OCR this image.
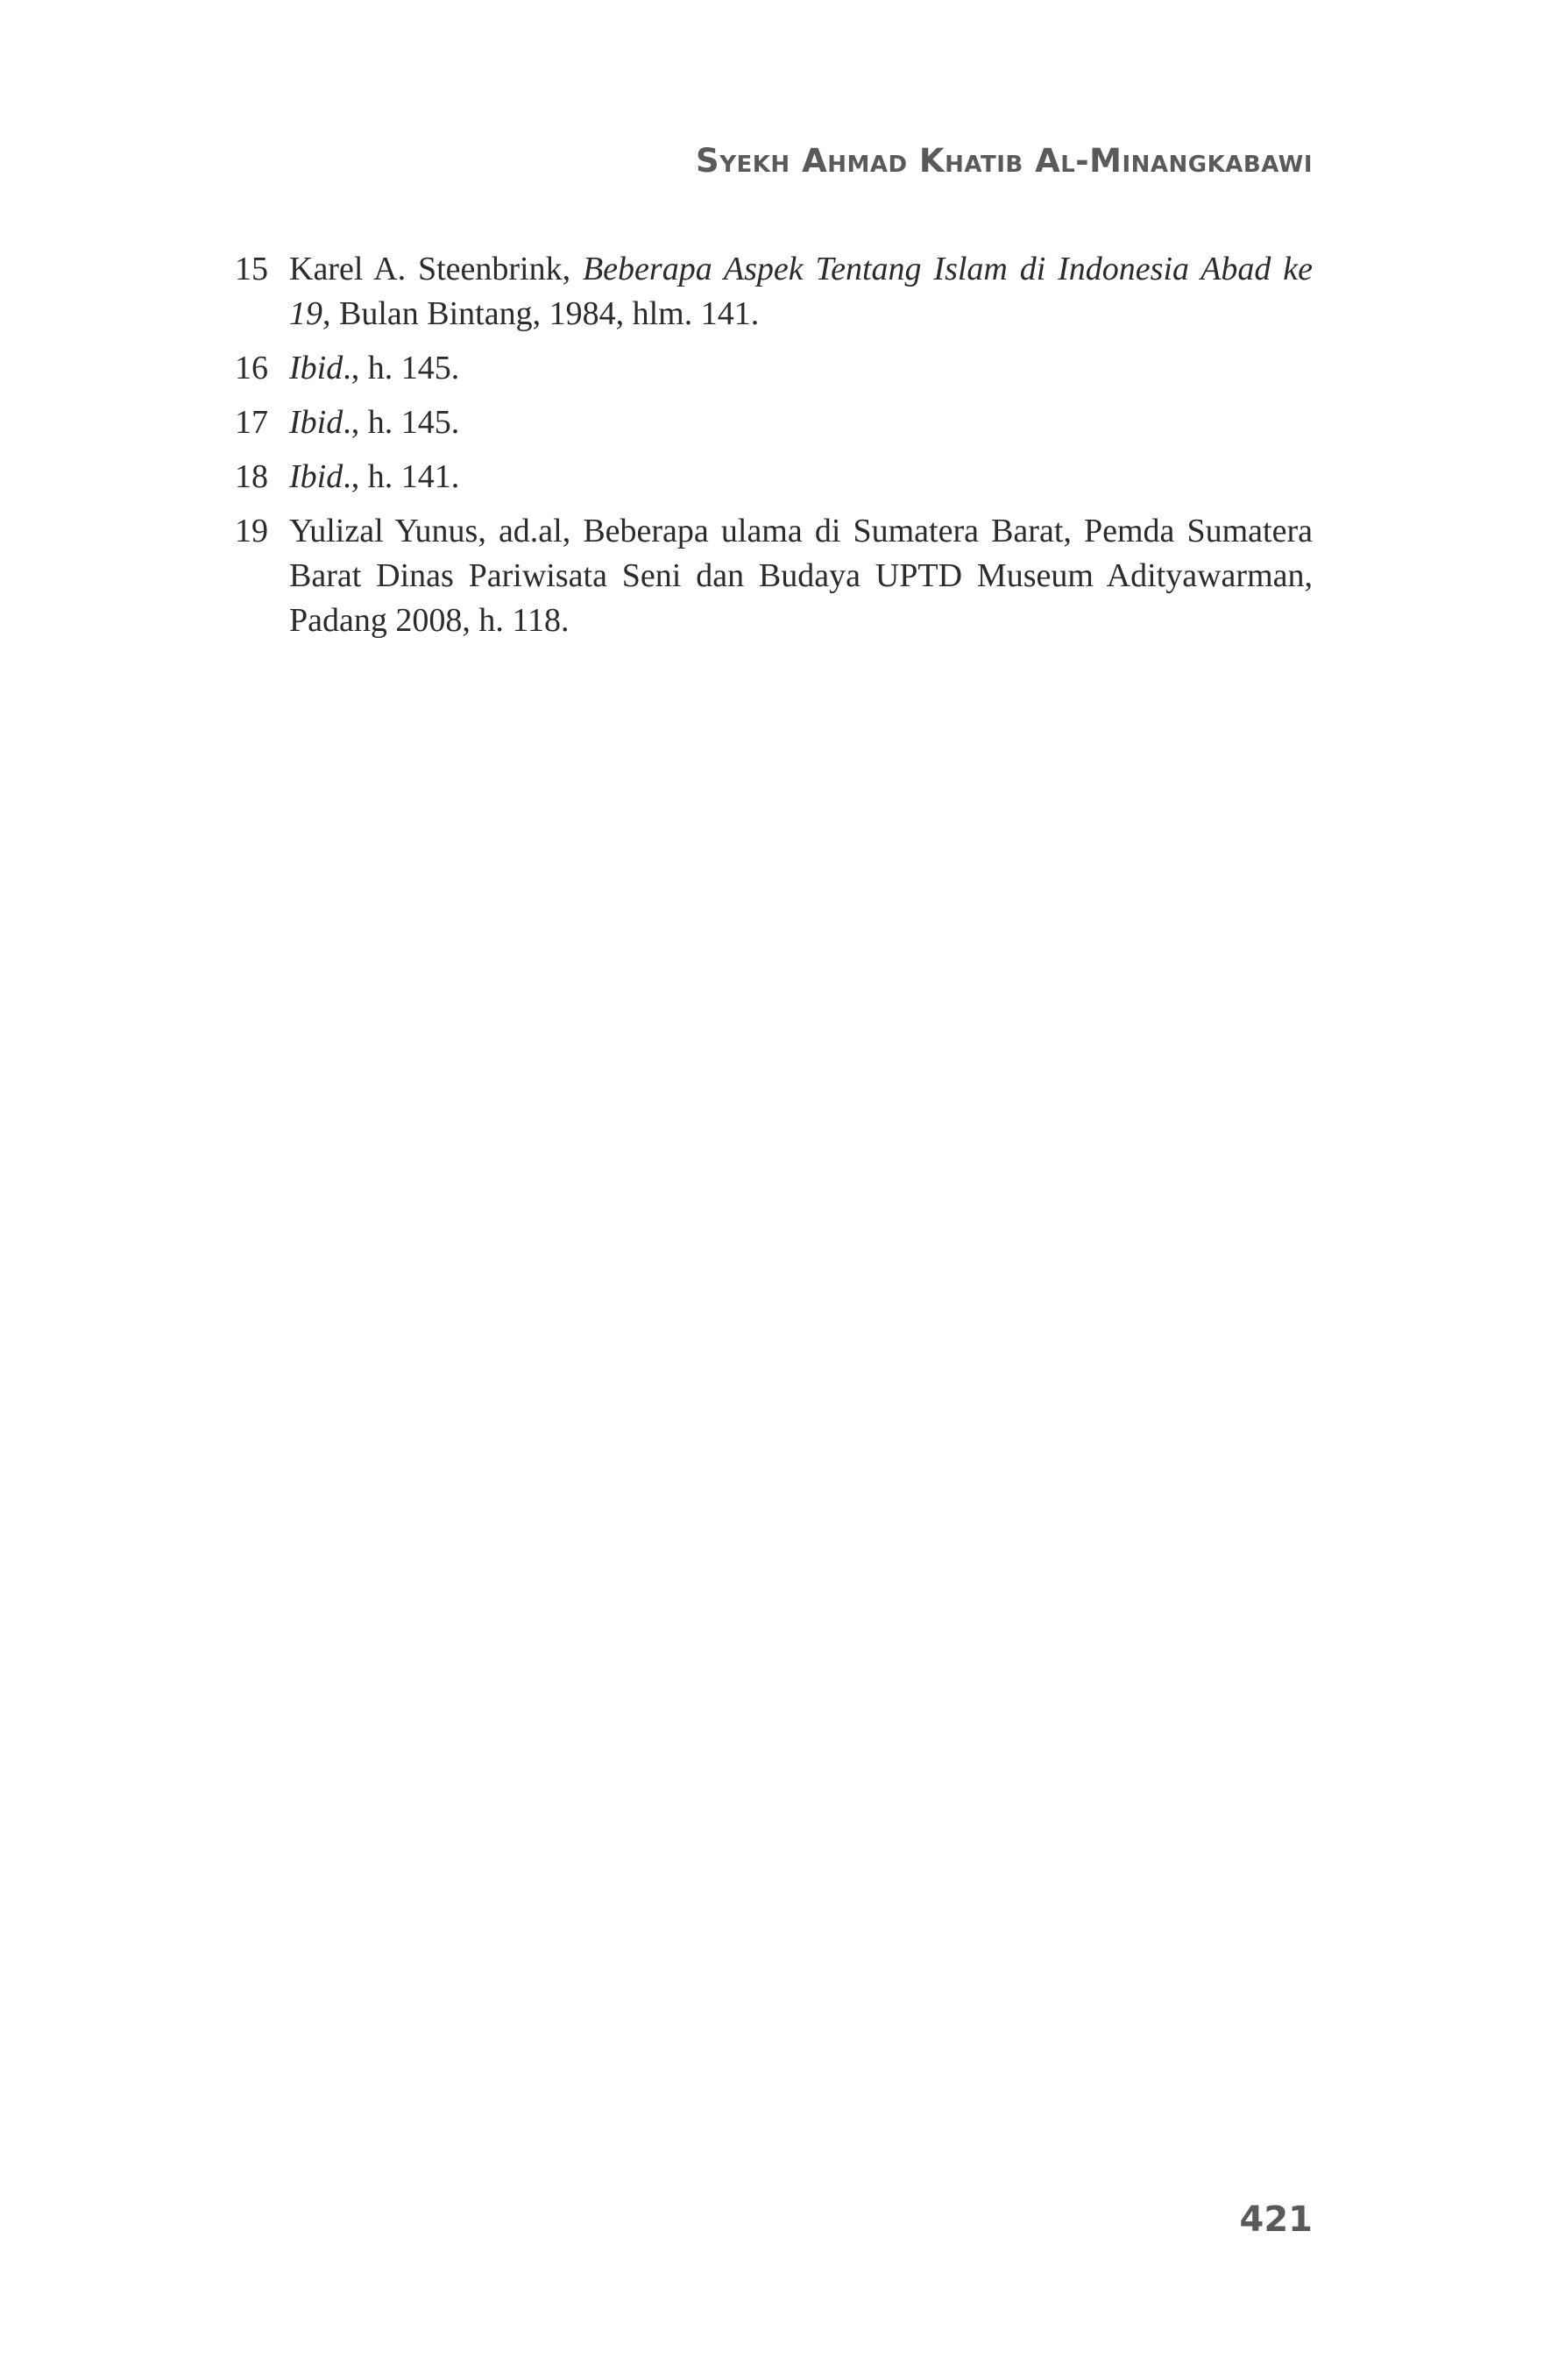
Syekh Ahmad Khatib Al-Minangkabawi
15 Karel A. Steenbrink, Beberapa Aspek Tentang Islam di Indonesia Abad ke 19, Bulan Bintang, 1984, hlm. 141.
16 Ibid., h. 145.
17 Ibid., h. 145.
18 Ibid., h. 141.
19 Yulizal Yunus, ad.al, Beberapa ulama di Sumatera Barat, Pemda Sumatera Barat Dinas Pariwisata Seni dan Budaya UPTD Museum Adityawarman, Padang 2008, h. 118.
421
